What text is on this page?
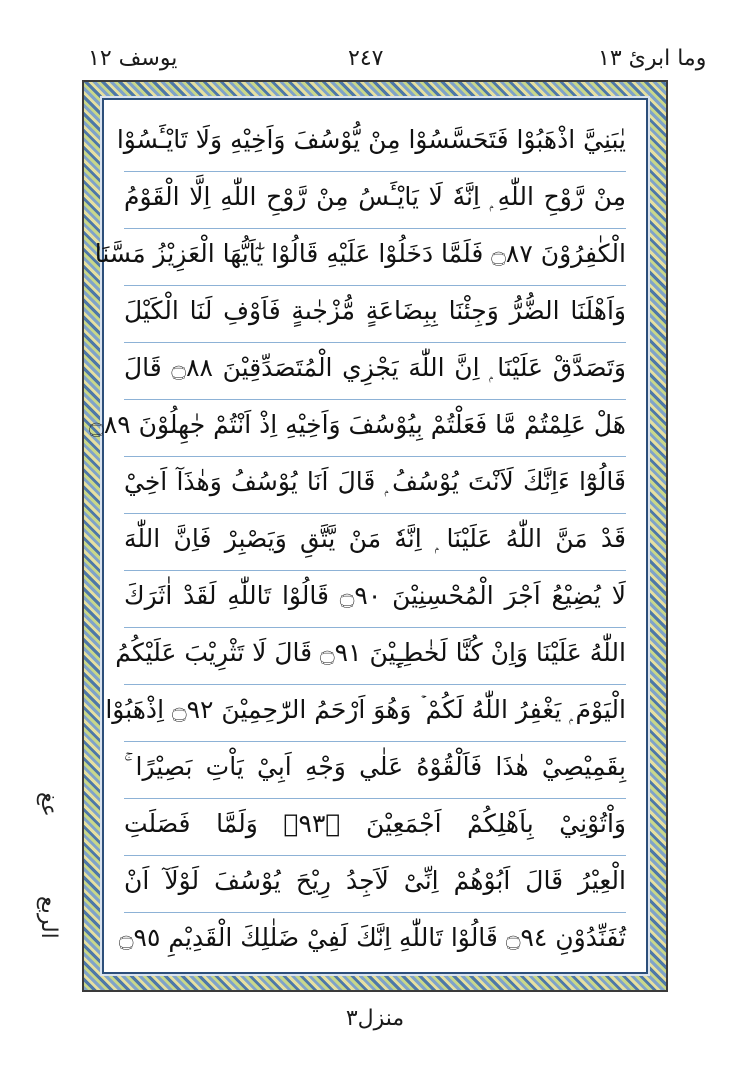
وما ابرئ ١٣
٢٤٧
يوسف ١٢
يٰبَنِيَّ اذْهَبُوْا فَتَحَسَّسُوْا مِنْ يُّوْسُفَ وَاَخِيْهِ وَلَا تَايْـَٔسُوْا
مِنْ رَّوْحِ اللّٰهِ ۭ اِنَّهٗ لَا يَايْـَٔسُ مِنْ رَّوْحِ اللّٰهِ اِلَّا الْقَوْمُ
الْكٰفِرُوْنَ ۝٨٧ فَلَمَّا دَخَلُوْا عَلَيْهِ قَالُوْا يٰٓاَيُّهَا الْعَزِيْزُ مَسَّنَا
وَاَهْلَنَا الضُّرُّ وَجِئْنَا بِبِضَاعَةٍ مُّزْجٰىةٍ فَاَوْفِ لَنَا الْكَيْلَ
وَتَصَدَّقْ عَلَيْنَا ۭ اِنَّ اللّٰهَ يَجْزِي الْمُتَصَدِّقِيْنَ ۝٨٨ قَالَ
هَلْ عَلِمْتُمْ مَّا فَعَلْتُمْ بِيُوْسُفَ وَاَخِيْهِ اِذْ اَنْتُمْ جٰهِلُوْنَ ۝٨٩
قَالُوْٓا ءَاِنَّكَ لَاَنْتَ يُوْسُفُ ۭ قَالَ اَنَا يُوْسُفُ وَهٰذَآ اَخِيْ
قَدْ مَنَّ اللّٰهُ عَلَيْنَا ۭ اِنَّهٗ مَنْ يَّتَّقِ وَيَصْبِرْ فَاِنَّ اللّٰهَ
لَا يُضِيْعُ اَجْرَ الْمُحْسِنِيْنَ ۝٩٠ قَالُوْا تَاللّٰهِ لَقَدْ اٰثَرَكَ
اللّٰهُ عَلَيْنَا وَاِنْ كُنَّا لَخٰطِـِٕيْنَ ۝٩١ قَالَ لَا تَثْرِيْبَ عَلَيْكُمُ
الْيَوْمَ ۭ يَغْفِرُ اللّٰهُ لَكُمْ ۡ وَهُوَ اَرْحَمُ الرّٰحِمِيْنَ ۝٩٢ اِذْهَبُوْا
بِقَمِيْصِيْ هٰذَا فَاَلْقُوْهُ عَلٰي وَجْهِ اَبِيْ يَاْتِ بَصِيْرًا ۚ
وَاْتُوْنِيْ بِاَهْلِكُمْ اَجْمَعِيْنَ ۝٩٣ۧ وَلَمَّا فَصَلَتِ
الْعِيْرُ قَالَ اَبُوْهُمْ اِنِّىْ لَاَجِدُ رِيْحَ يُوْسُفَ لَوْلَآ اَنْ
تُفَنِّدُوْنِ ۝٩٤ قَالُوْا تَاللّٰهِ اِنَّكَ لَفِيْ ضَلٰلِكَ الْقَدِيْمِ ۝٩٥
عغ
الربع
منزل٣
